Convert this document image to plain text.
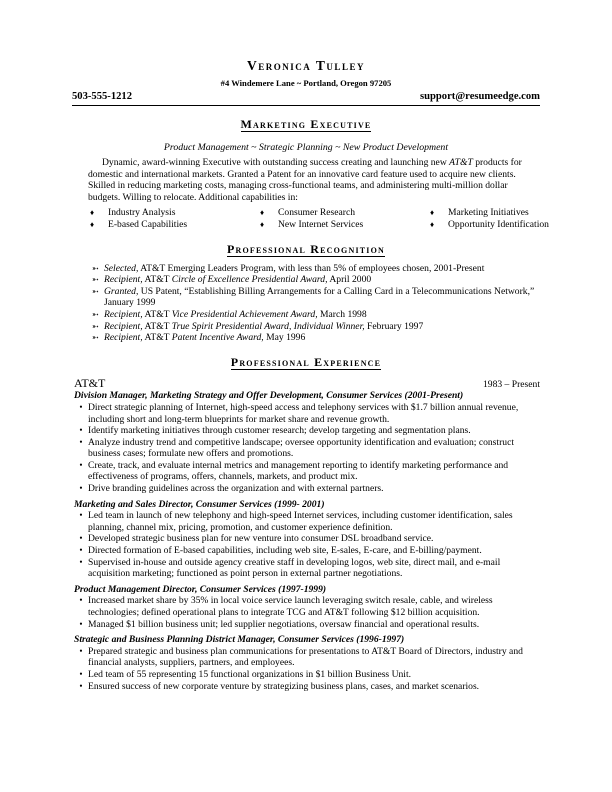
Veronica Tulley
#4 Windemere Lane ~ Portland, Oregon 97205
503-555-1212	support@resumeedge.com
Marketing Executive
Product Management ~ Strategic Planning ~ New Product Development
Dynamic, award-winning Executive with outstanding success creating and launching new AT&T products for domestic and international markets. Granted a Patent for an innovative card feature used to acquire new clients. Skilled in reducing marketing costs, managing cross-functional teams, and administering multi-million dollar budgets. Willing to relocate. Additional capabilities in:
♦	Industry Analysis	♦	Consumer Research	♦	Marketing Initiatives
♦	E-based Capabilities	♦	New Internet Services	♦	Opportunity Identification
Professional Recognition
➵ Selected, AT&T Emerging Leaders Program, with less than 5% of employees chosen, 2001-Present
➵ Recipient, AT&T Circle of Excellence Presidential Award, April 2000
➵ Granted, US Patent, “Establishing Billing Arrangements for a Calling Card in a Telecommunications Network,” January 1999
➵ Recipient, AT&T Vice Presidential Achievement Award, March 1998
➵ Recipient, AT&T True Spirit Presidential Award, Individual Winner, February 1997
➵ Recipient, AT&T Patent Incentive Award, May 1996
Professional Experience
AT&T	1983 – Present
Division Manager, Marketing Strategy and Offer Development, Consumer Services (2001-Present)
• Direct strategic planning of Internet, high-speed access and telephony services with $1.7 billion annual revenue, including short and long-term blueprints for market share and revenue growth.
• Identify marketing initiatives through customer research; develop targeting and segmentation plans.
• Analyze industry trend and competitive landscape; oversee opportunity identification and evaluation; construct business cases; formulate new offers and promotions.
• Create, track, and evaluate internal metrics and management reporting to identify marketing performance and effectiveness of programs, offers, channels, markets, and product mix.
• Drive branding guidelines across the organization and with external partners.
Marketing and Sales Director, Consumer Services (1999- 2001)
• Led team in launch of new telephony and high-speed Internet services, including customer identification, sales planning, channel mix, pricing, promotion, and customer experience definition.
• Developed strategic business plan for new venture into consumer DSL broadband service.
• Directed formation of E-based capabilities, including web site, E-sales, E-care, and E-billing/payment.
• Supervised in-house and outside agency creative staff in developing logos, web site, direct mail, and e-mail acquisition marketing; functioned as point person in external partner negotiations.
Product Management Director, Consumer Services (1997-1999)
• Increased market share by 35% in local voice service launch leveraging switch resale, cable, and wireless technologies; defined operational plans to integrate TCG and AT&T following $12 billion acquisition.
• Managed $1 billion business unit; led supplier negotiations, oversaw financial and operational results.
Strategic and Business Planning District Manager, Consumer Services (1996-1997)
• Prepared strategic and business plan communications for presentations to AT&T Board of Directors, industry and financial analysts, suppliers, partners, and employees.
• Led team of 55 representing 15 functional organizations in $1 billion Business Unit.
• Ensured success of new corporate venture by strategizing business plans, cases, and market scenarios.
